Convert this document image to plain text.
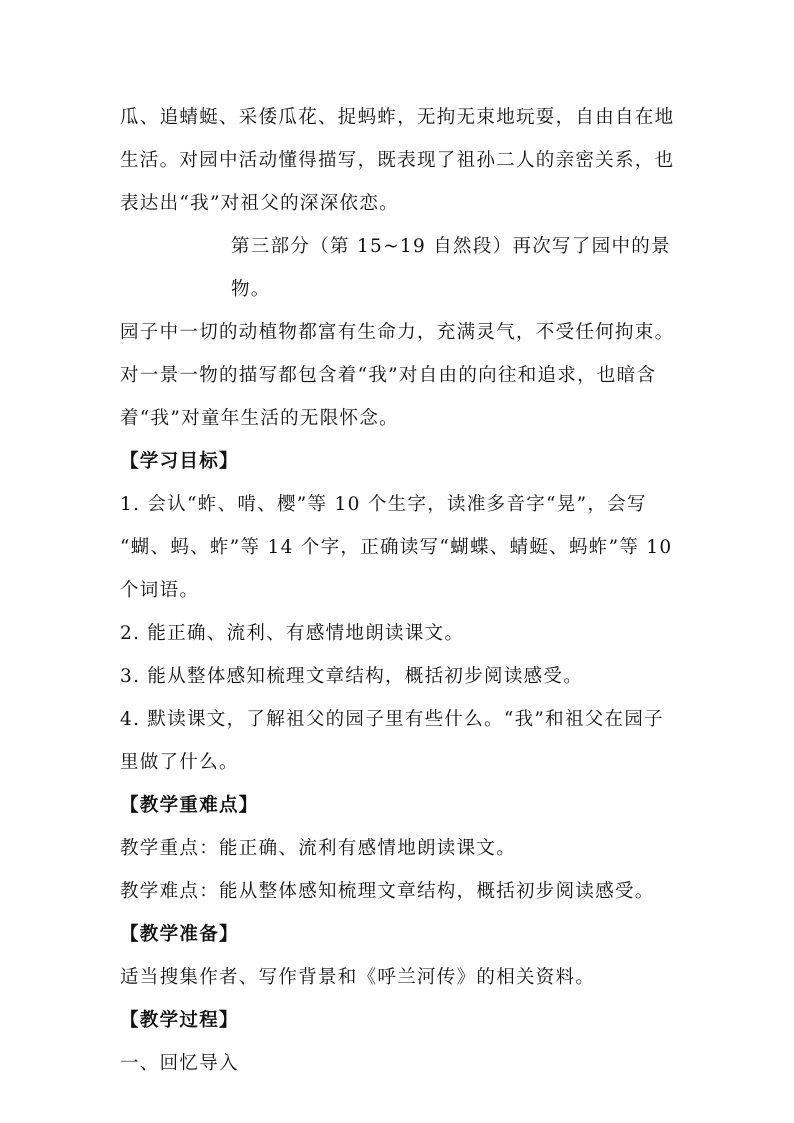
瓜、追蜻蜓、采倭瓜花、捉蚂蚱，无拘无束地玩耍，自由自在地

生活。对园中活动懂得描写，既表现了祖孙二人的亲密关系，也

表达出“我”对祖父的深深依恋。

第三部分（第 15~19 自然段）再次写了园中的景物。

园子中一切的动植物都富有生命力，充满灵气，不受任何拘束。

对一景一物的描写都包含着“我”对自由的向往和追求，也暗含

着“我”对童年生活的无限怀念。

【学习目标】

1. 会认“蚱、啃、樱”等 10 个生字，读准多音字“晃”，会写

“蝴、蚂、蚱”等 14 个字，正确读写“蝴蝶、蜻蜓、蚂蚱”等 10

个词语。

2. 能正确、流利、有感情地朗读课文。

3. 能从整体感知梳理文章结构，概括初步阅读感受。

4. 默读课文，了解祖父的园子里有些什么。“我”和祖父在园子

里做了什么。

【教学重难点】

教学重点：能正确、流利有感情地朗读课文。

教学难点：能从整体感知梳理文章结构，概括初步阅读感受。

【教学准备】

适当搜集作者、写作背景和《呼兰河传》的相关资料。

【教学过程】

一、回忆导入
